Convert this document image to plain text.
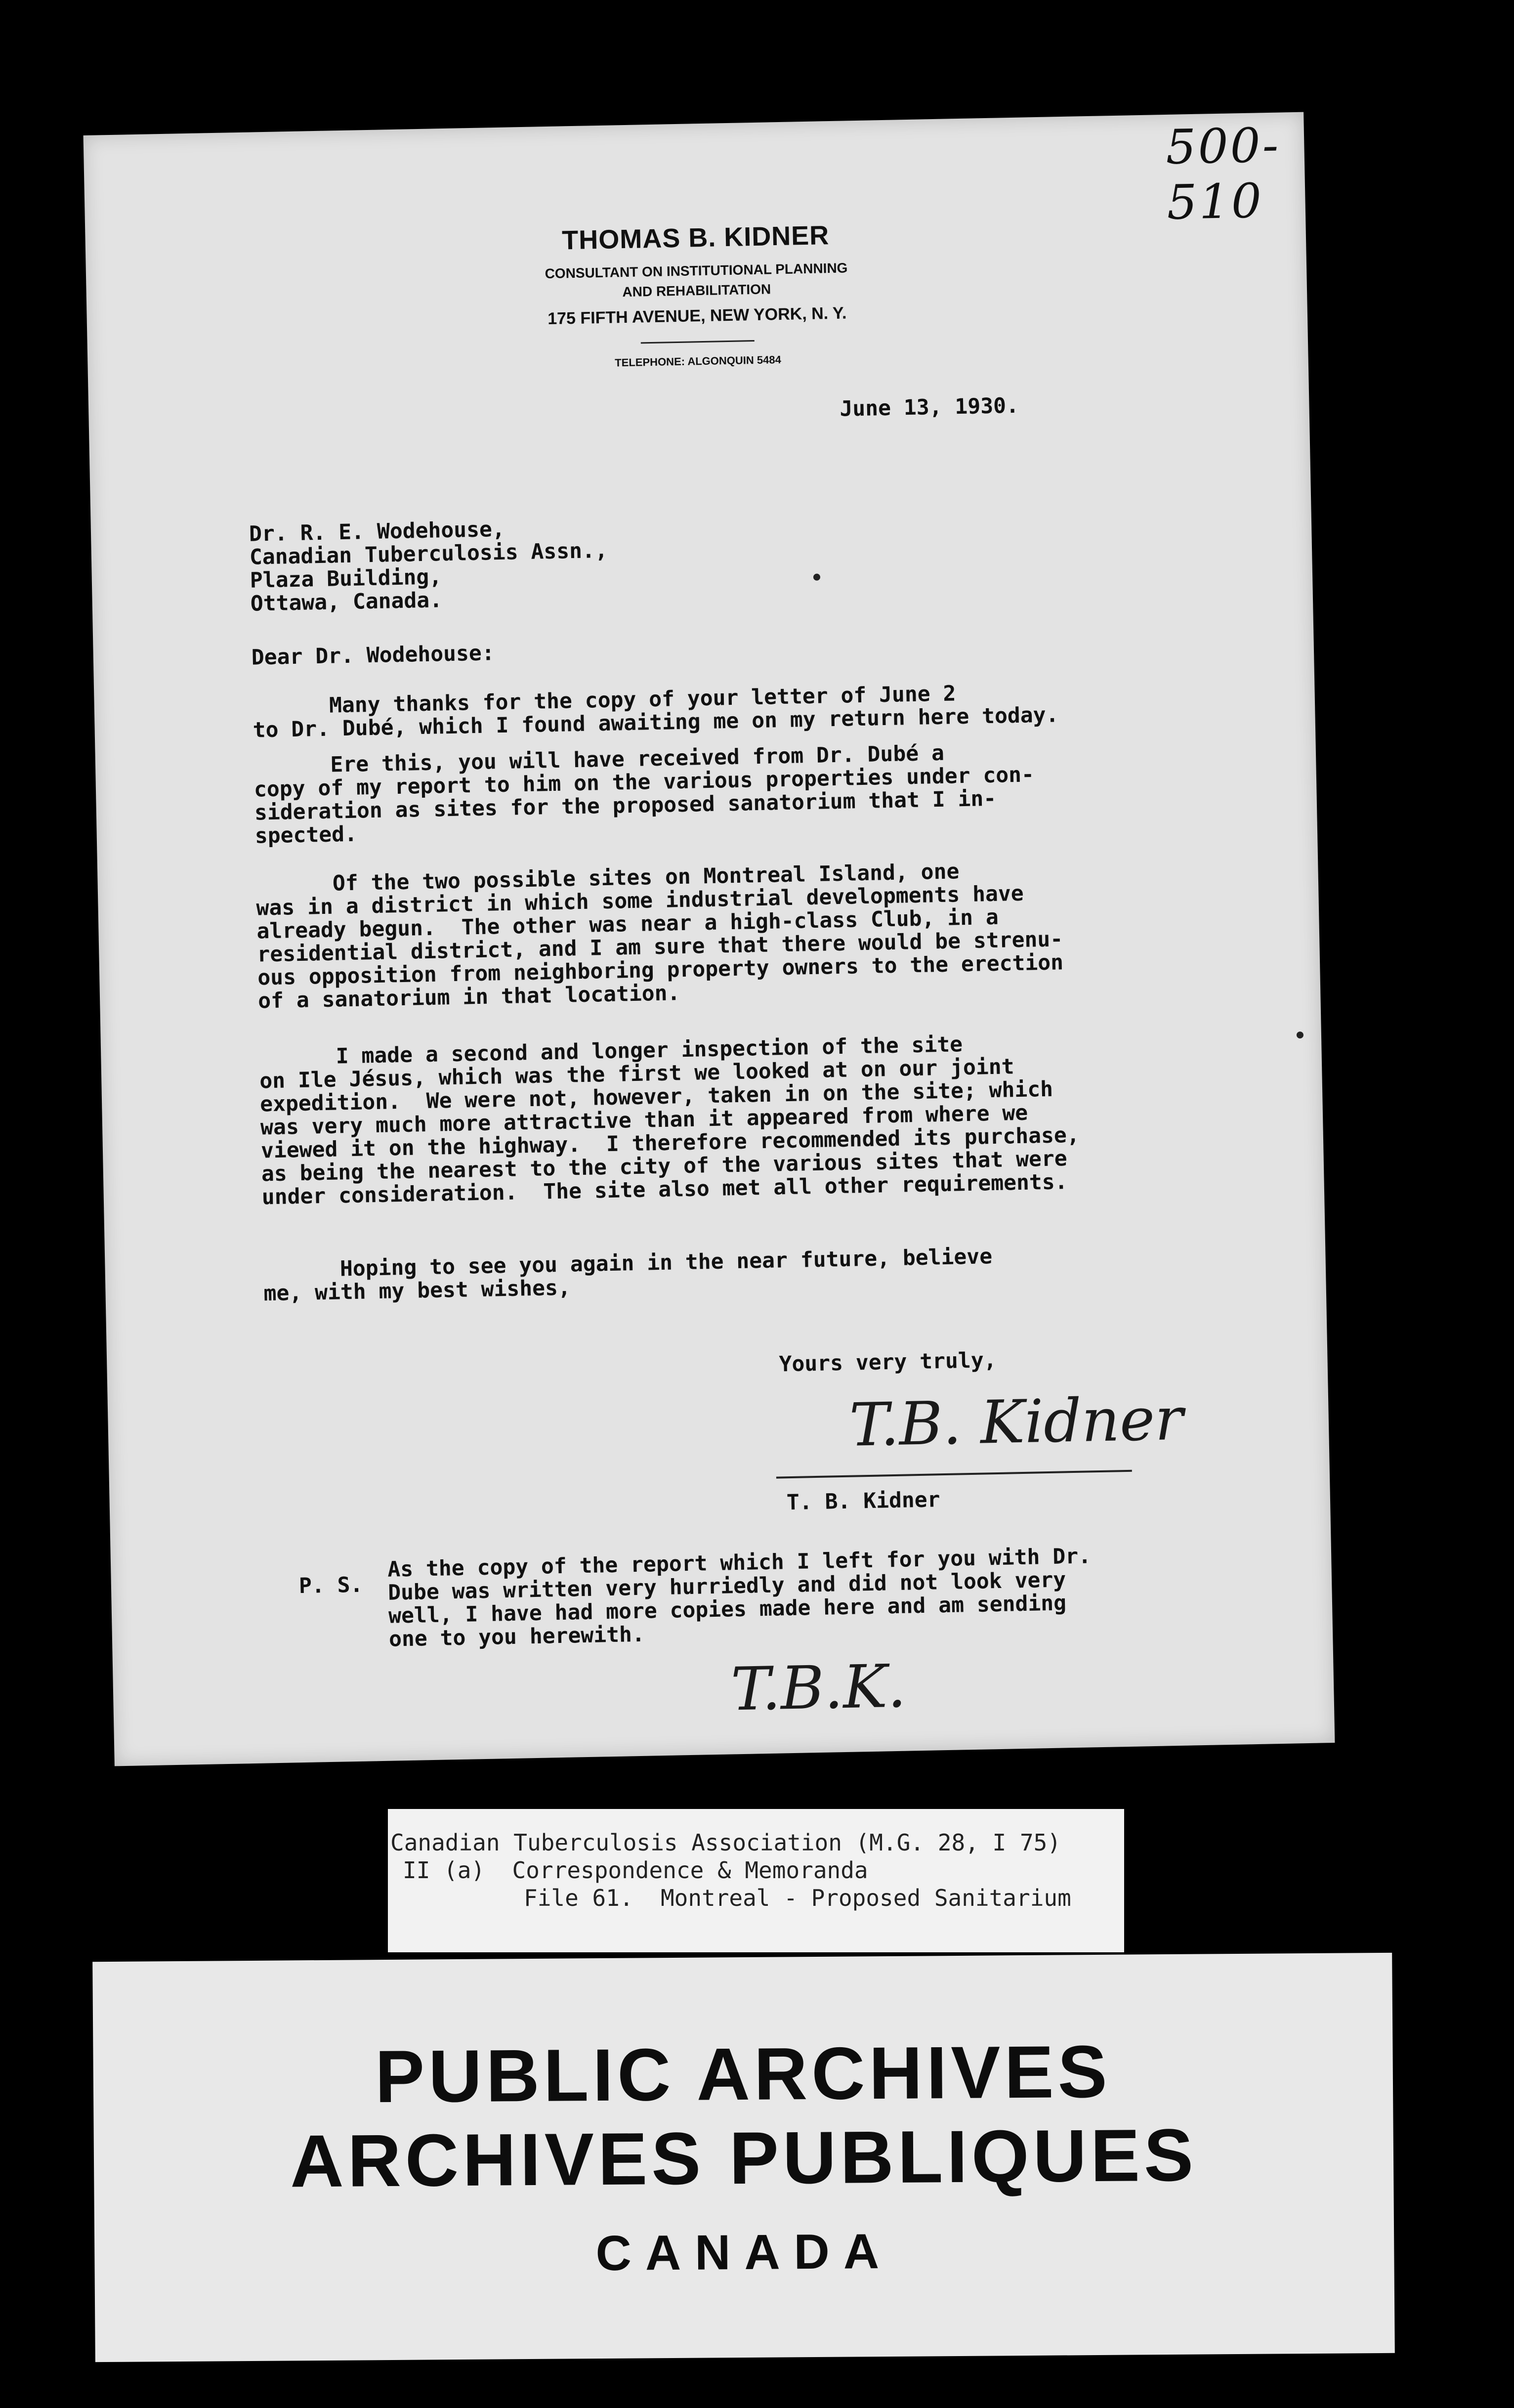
500-510
THOMAS B. KIDNER
CONSULTANT ON INSTITUTIONAL PLANNING
AND REHABILITATION
175 FIFTH AVENUE, NEW YORK, N. Y.
TELEPHONE: ALGONQUIN 5484
June 13, 1930.
Dr. R. E. Wodehouse,
Canadian Tuberculosis Assn.,
Plaza Building,
Ottawa, Canada.
Dear Dr. Wodehouse:
Many thanks for the copy of your letter of June 2
to Dr. Dubé, which I found awaiting me on my return here today.
Ere this, you will have received from Dr. Dubé a
copy of my report to him on the various properties under con-
sideration as sites for the proposed sanatorium that I in-
spected.
Of the two possible sites on Montreal Island, one
was in a district in which some industrial developments have
already begun.  The other was near a high-class Club, in a
residential district, and I am sure that there would be strenu-
ous opposition from neighboring property owners to the erection
of a sanatorium in that location.
I made a second and longer inspection of the site
on Ile Jésus, which was the first we looked at on our joint
expedition.  We were not, however, taken in on the site; which
was very much more attractive than it appeared from where we
viewed it on the highway.  I therefore recommended its purchase,
as being the nearest to the city of the various sites that were
under consideration.  The site also met all other requirements.
Hoping to see you again in the near future, believe
me, with my best wishes,
Yours very truly,
T.B. Kidner
T. B. Kidner
P. S.
As the copy of the report which I left for you with Dr.
Dube was written very hurriedly and did not look very
well, I have had more copies made here and am sending
one to you herewith.
T.B.K.
Canadian Tuberculosis Association (M.G. 28, I 75)
II (a)  Correspondence & Memoranda
File 61.  Montreal - Proposed Sanitarium
PUBLIC ARCHIVES
ARCHIVES PUBLIQUES
CANADA
